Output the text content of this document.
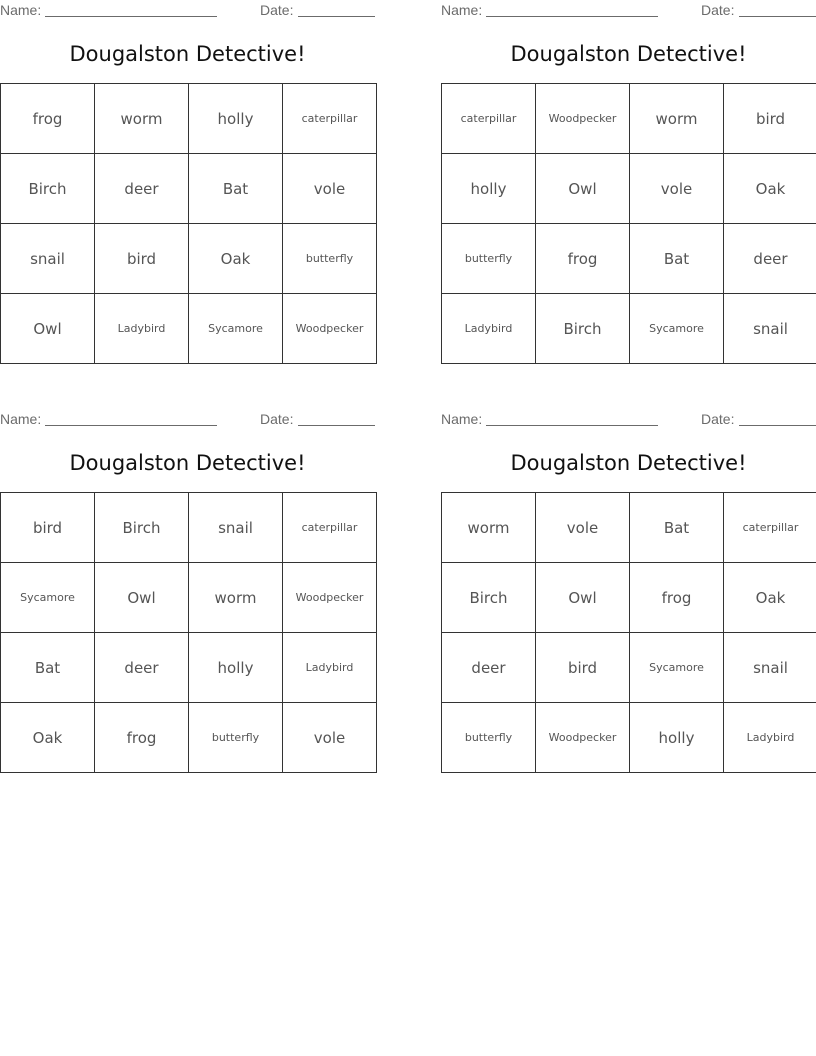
Name:	Date:
Dougalston Detective!
frog	worm	holly	caterpillar
Birch	deer	Bat	vole
snail	bird	Oak	butterfly
Owl	Ladybird	Sycamore	Woodpecker
Name:	Date:
Dougalston Detective!
caterpillar	Woodpecker	worm	bird
holly	Owl	vole	Oak
butterfly	frog	Bat	deer
Ladybird	Birch	Sycamore	snail
Name:	Date:
Dougalston Detective!
bird	Birch	snail	caterpillar
Sycamore	Owl	worm	Woodpecker
Bat	deer	holly	Ladybird
Oak	frog	butterfly	vole
Name:	Date:
Dougalston Detective!
worm	vole	Bat	caterpillar
Birch	Owl	frog	Oak
deer	bird	Sycamore	snail
butterfly	Woodpecker	holly	Ladybird
